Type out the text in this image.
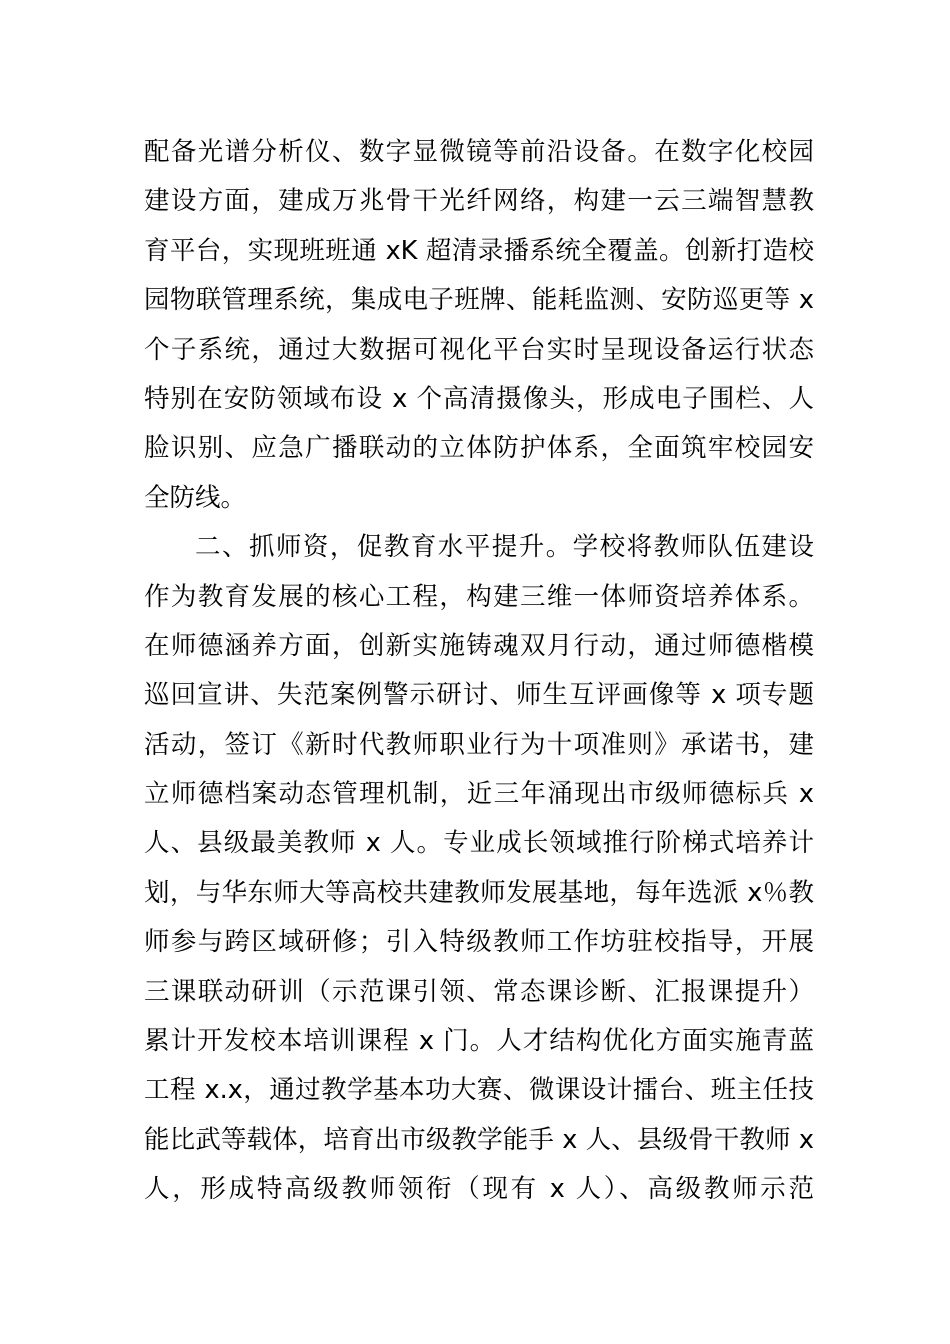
配备光谱分析仪、数字显微镜等前沿设备。在数字化校园
建设方面，建成万兆骨干光纤网络，构建一云三端智慧教
育平台，实现班班通 xK 超清录播系统全覆盖。创新打造校
园物联管理系统，集成电子班牌、能耗监测、安防巡更等 x
个子系统，通过大数据可视化平台实时呈现设备运行状态
特别在安防领域布设 x 个高清摄像头，形成电子围栏、人
脸识别、应急广播联动的立体防护体系，全面筑牢校园安
全防线。
二、抓师资，促教育水平提升。学校将教师队伍建设
作为教育发展的核心工程，构建三维一体师资培养体系。
在师德涵养方面，创新实施铸魂双月行动，通过师德楷模
巡回宣讲、失范案例警示研讨、师生互评画像等 x 项专题
活动，签订《新时代教师职业行为十项准则》承诺书，建
立师德档案动态管理机制，近三年涌现出市级师德标兵 x
人、县级最美教师 x 人。专业成长领域推行阶梯式培养计
划，与华东师大等高校共建教师发展基地，每年选派 x％教
师参与跨区域研修；引入特级教师工作坊驻校指导，开展
三课联动研训（示范课引领、常态课诊断、汇报课提升）
累计开发校本培训课程 x 门。人才结构优化方面实施青蓝
工程 x.x，通过教学基本功大赛、微课设计擂台、班主任技
能比武等载体，培育出市级教学能手 x 人、县级骨干教师 x
人，形成特高级教师领衔（现有 x 人）、高级教师示范
